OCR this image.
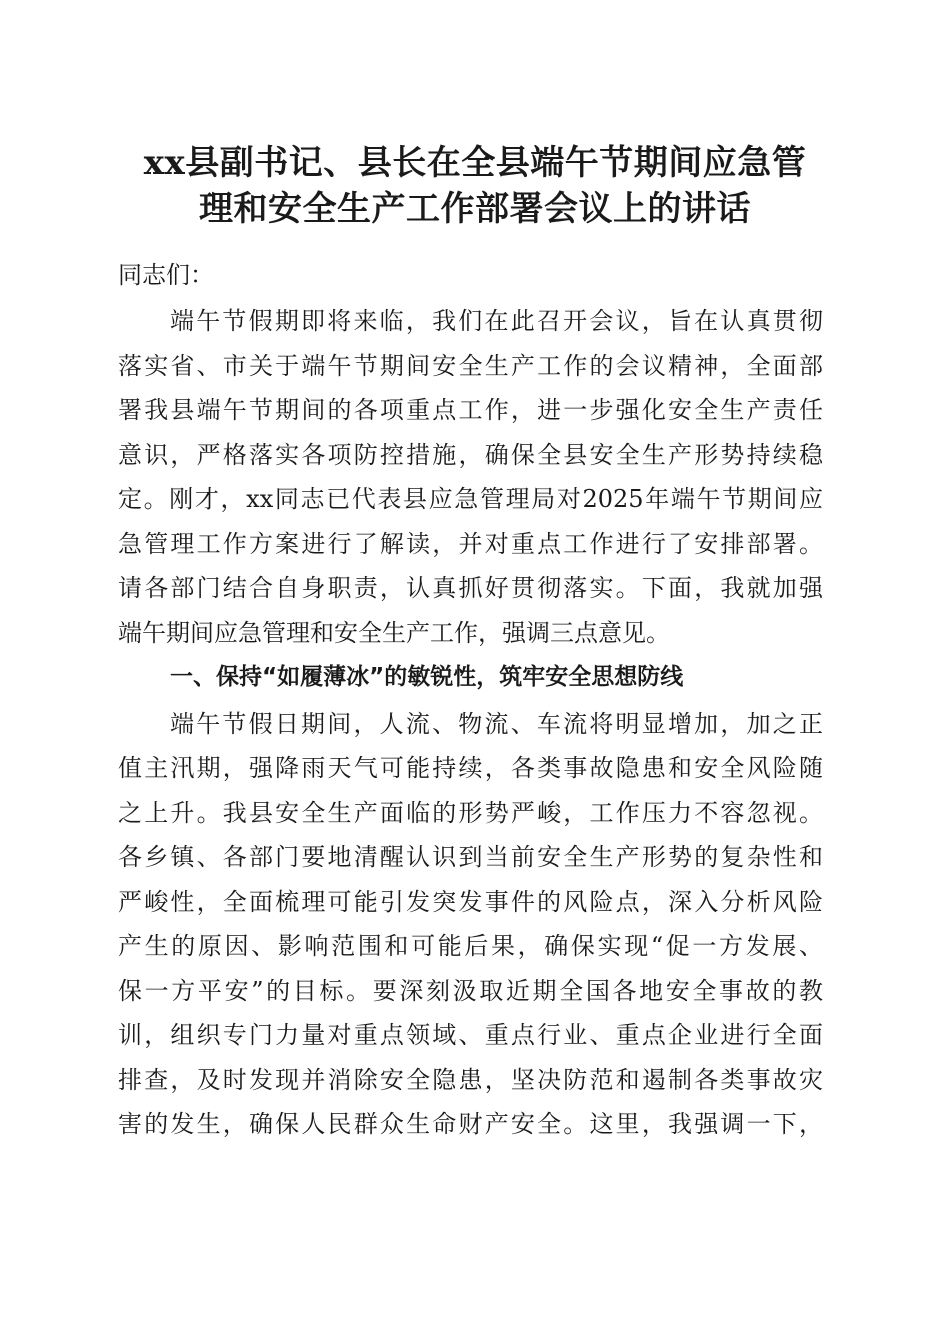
xx县副书记、县长在全县端午节期间应急管
理和安全生产工作部署会议上的讲话

同志们：

端午节假期即将来临，我们在此召开会议，旨在认真贯彻
落实省、市关于端午节期间安全生产工作的会议精神，全面部
署我县端午节期间的各项重点工作，进一步强化安全生产责任
意识，严格落实各项防控措施，确保全县安全生产形势持续稳
定。刚才，xx同志已代表县应急管理局对2025年端午节期间应
急管理工作方案进行了解读，并对重点工作进行了安排部署。
请各部门结合自身职责，认真抓好贯彻落实。下面，我就加强
端午期间应急管理和安全生产工作，强调三点意见。

一、保持“如履薄冰”的敏锐性，筑牢安全思想防线

端午节假日期间，人流、物流、车流将明显增加，加之正
值主汛期，强降雨天气可能持续，各类事故隐患和安全风险随
之上升。我县安全生产面临的形势严峻，工作压力不容忽视。
各乡镇、各部门要地清醒认识到当前安全生产形势的复杂性和
严峻性，全面梳理可能引发突发事件的风险点，深入分析风险
产生的原因、影响范围和可能后果，确保实现“促一方发展、
保一方平安”的目标。要深刻汲取近期全国各地安全事故的教
训，组织专门力量对重点领域、重点行业、重点企业进行全面
排查，及时发现并消除安全隐患，坚决防范和遏制各类事故灾
害的发生，确保人民群众生命财产安全。这里，我强调一下，
